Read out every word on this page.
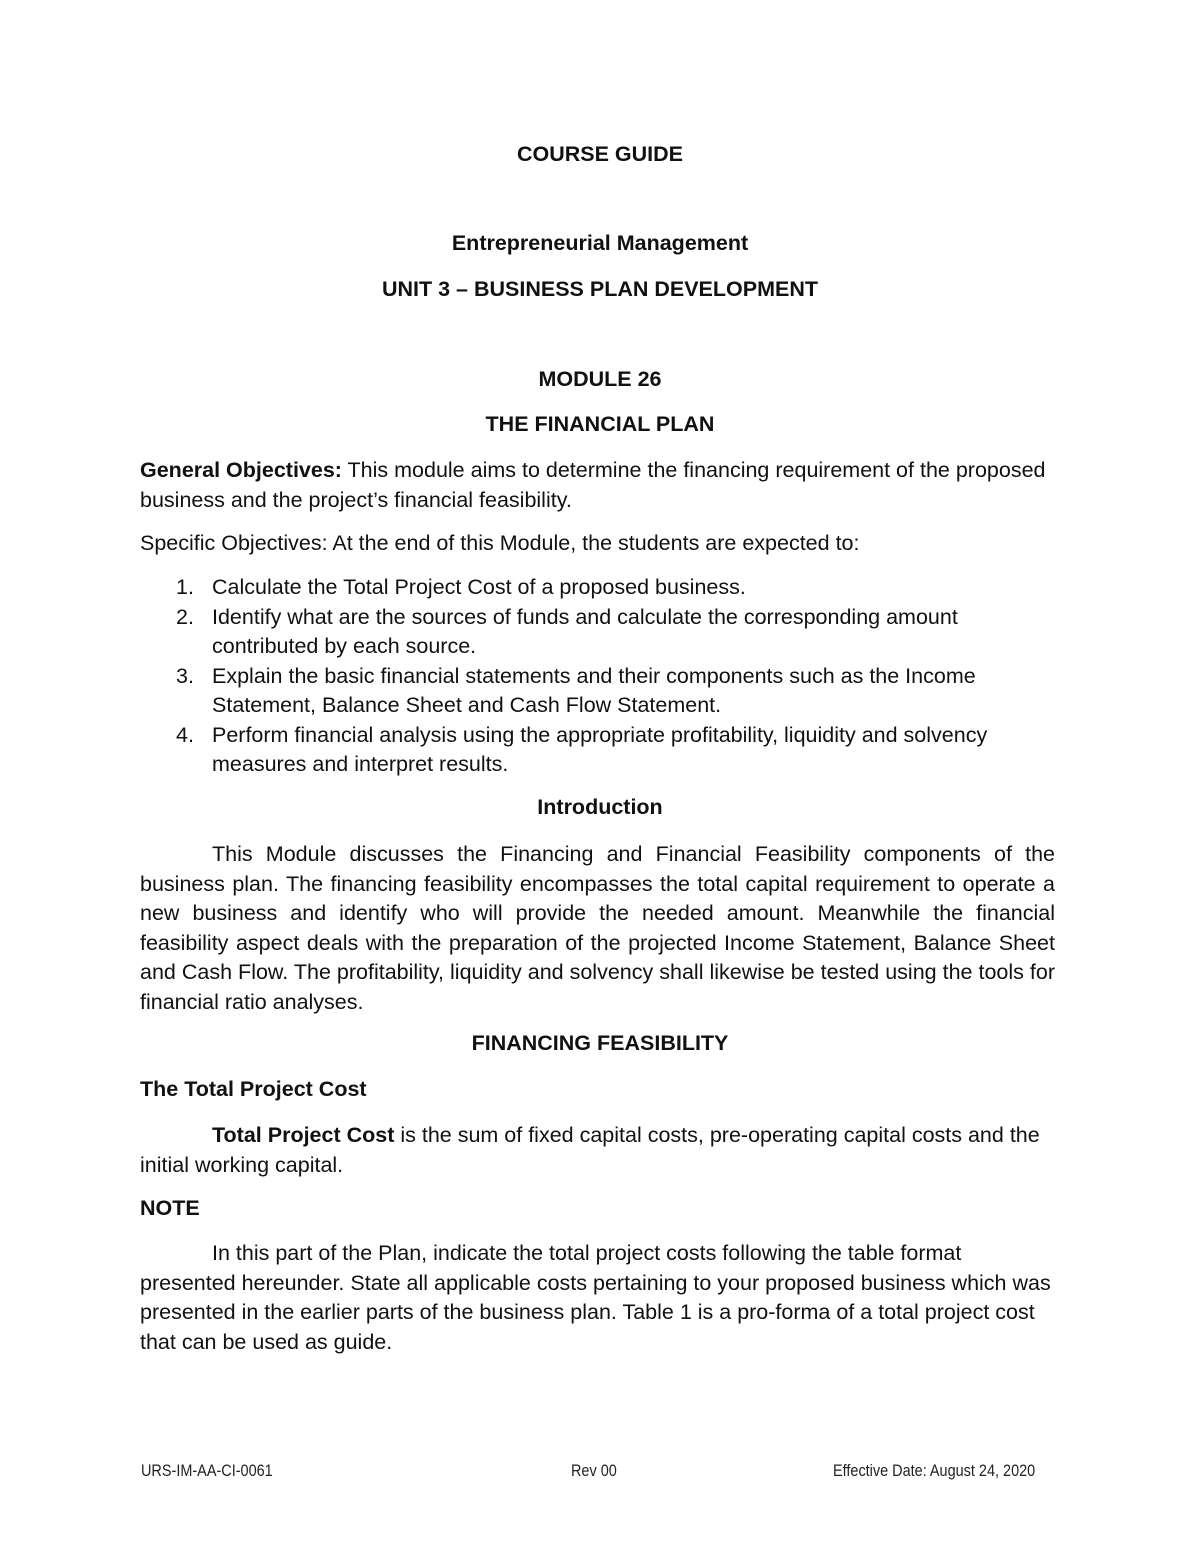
COURSE GUIDE
Entrepreneurial Management
UNIT 3 – BUSINESS PLAN DEVELOPMENT
MODULE 26
THE FINANCIAL PLAN

General Objectives: This module aims to determine the financing requirement of the proposed business and the project’s financial feasibility.

Specific Objectives: At the end of this Module, the students are expected to:

1. Calculate the Total Project Cost of a proposed business.
2. Identify what are the sources of funds and calculate the corresponding amount contributed by each source.
3. Explain the basic financial statements and their components such as the Income Statement, Balance Sheet and Cash Flow Statement.
4. Perform financial analysis using the appropriate profitability, liquidity and solvency measures and interpret results.
Introduction

This Module discusses the Financing and Financial Feasibility components of the business plan. The financing feasibility encompasses the total capital requirement to operate a new business and identify who will provide the needed amount. Meanwhile the financial feasibility aspect deals with the preparation of the projected Income Statement, Balance Sheet and Cash Flow. The profitability, liquidity and solvency shall likewise be tested using the tools for financial ratio analyses.

FINANCING FEASIBILITY

The Total Project Cost

Total Project Cost is the sum of fixed capital costs, pre-operating capital costs and the initial working capital.

NOTE

In this part of the Plan, indicate the total project costs following the table format presented hereunder. State all applicable costs pertaining to your proposed business which was presented in the earlier parts of the business plan. Table 1 is a pro-forma of a total project cost that can be used as guide.

URS-IM-AA-CI-0061	Rev 00	Effective Date: August 24, 2020
